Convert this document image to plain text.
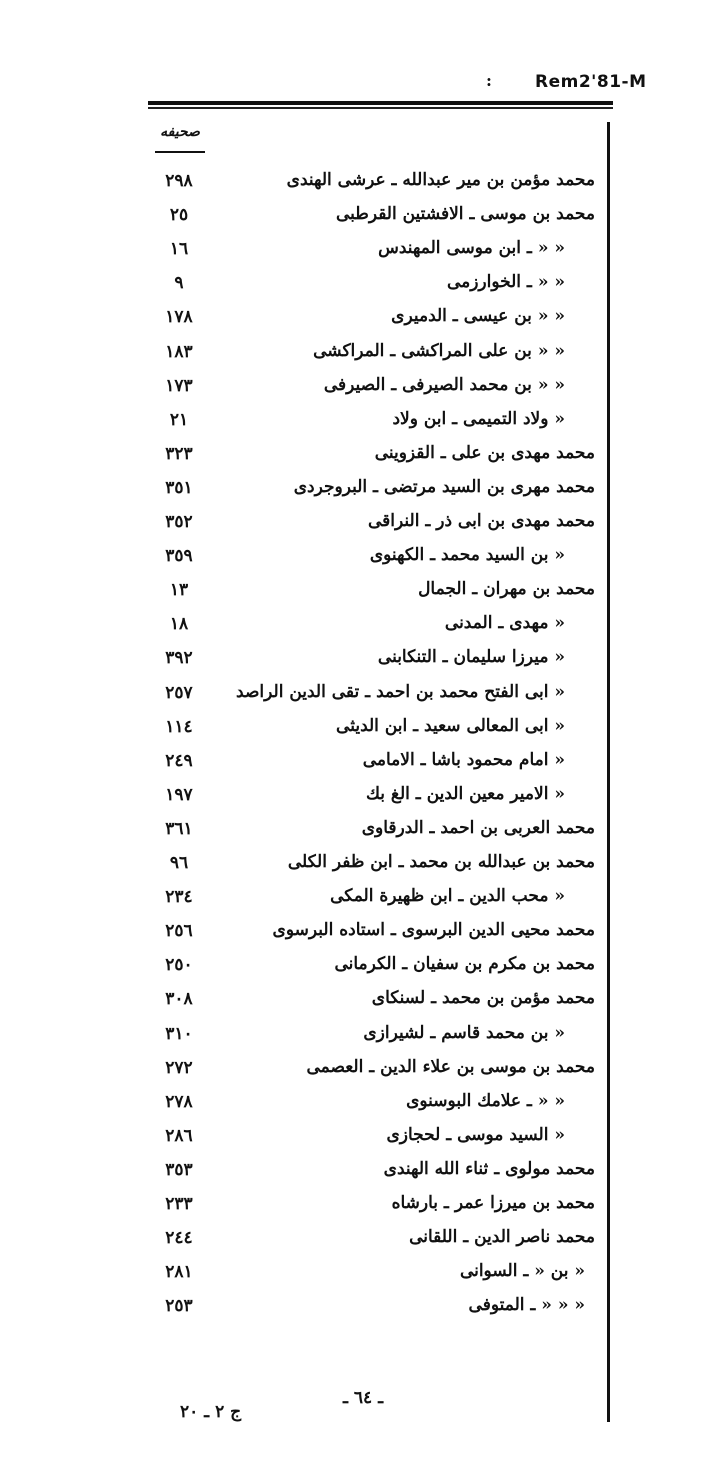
:	Rem2'81-M
صحيفه
٢٩٨	محمد مؤمن بن مير عبدالله ـ عرشى الهندى
٢٥	محمد بن موسى ـ الافشتين القرطبى
١٦	« « ـ ابن موسى المهندس
٩	« « ـ الخوارزمى
١٧٨	« « بن عيسى ـ الدميرى
١٨٣	« « بن على المراكشى ـ المراكشى
١٧٣	« « بن محمد الصيرفى ـ الصيرفى
٢١	« ولاد التميمى ـ ابن ولاد
٣٢٣	محمد مهدى بن على ـ القزوينى
٣٥١	محمد مهرى بن السيد مرتضى ـ البروجردى
٣٥٢	محمد مهدى بن ابى ذر ـ النراقى
٣٥٩	« بن السيد محمد ـ الكهنوى
١٣	محمد بن مهران ـ الجمال
١٨	« مهدى ـ المدنى
٣٩٢	« ميرزا سليمان ـ التنكابنى
٢٥٧	« ابى الفتح محمد بن احمد ـ تقى الدين الراصد
١١٤	« ابى المعالى سعيد ـ ابن الديثى
٢٤٩	« امام محمود باشا ـ الامامى
١٩٧	« الامير معين الدين ـ الغ بك
٣٦١	محمد العربى بن احمد ـ الدرقاوى
٩٦	محمد بن عبدالله بن محمد ـ ابن ظفر الكلى
٢٣٤	« محب الدين ـ ابن ظهيرة المكى
٢٥٦	محمد محيى الدين البرسوى ـ استاده البرسوى
٢٥٠	محمد بن مكرم بن سفيان ـ الكرمانى
٣٠٨	محمد مؤمن بن محمد ـ لسنكاى
٣١٠	« بن محمد قاسم ـ لشيرازى
٢٧٢	محمد بن موسى بن علاء الدين ـ العصمى
٢٧٨	« « ـ علامك البوسنوى
٢٨٦	« السيد موسى ـ لحجازى
٣٥٣	محمد مولوى ـ ثناء الله الهندى
٢٣٣	محمد بن ميرزا عمر ـ بارشاه
٢٤٤	محمد ناصر الدين ـ اللقانى
٢٨١	« بن « ـ السوانى
٢٥٣	« « « ـ المتوفى
ـ ٦٤ ـ
ج ٢ ـ ٢٠
